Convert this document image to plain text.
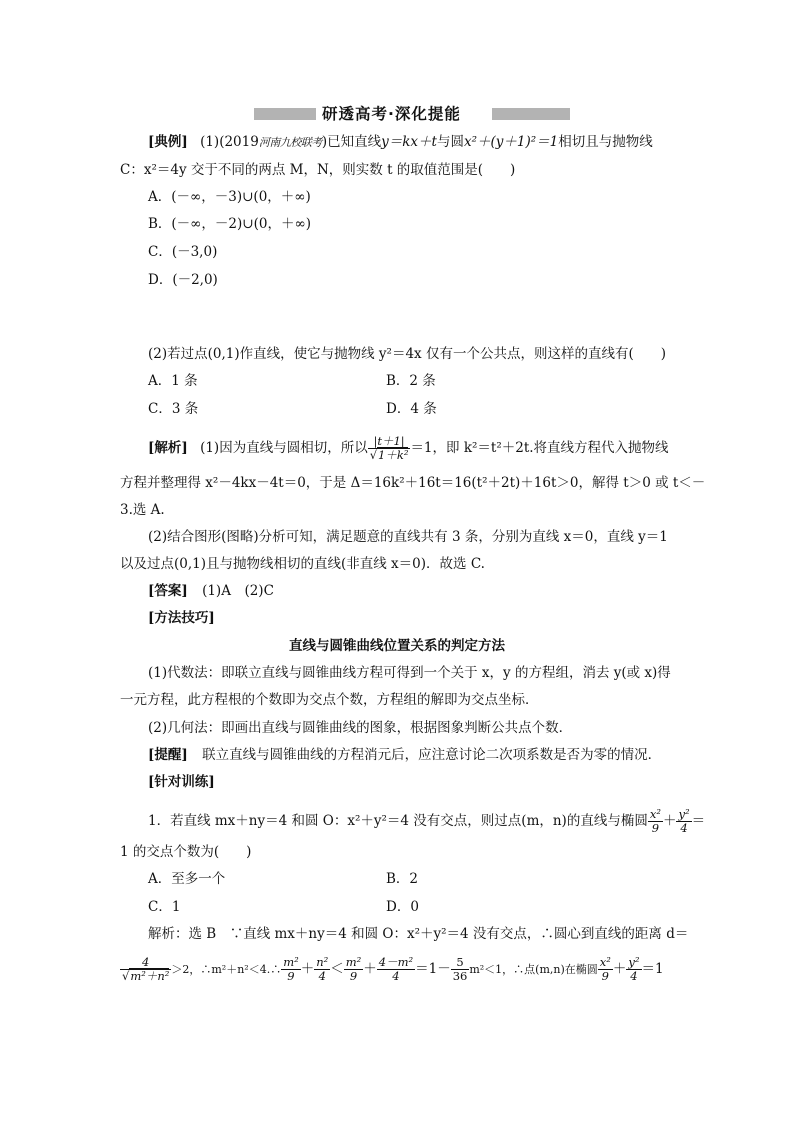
研透高考·深化提能
[典例] (1)(2019河南九校联考)已知直线y＝kx＋t与圆x²＋(y＋1)²＝1相切且与抛物线
C：x²＝4y 交于不同的两点 M，N，则实数 t 的取值范围是(　　)
A．(－∞，－3)∪(0，＋∞)
B．(－∞，－2)∪(0，＋∞)
C．(－3,0)
D．(－2,0)
(2)若过点(0,1)作直线，使它与抛物线 y²＝4x 仅有一个公共点，则这样的直线有(　　)
A．1 条	B．2 条
C．3 条	D．4 条
[解析] (1)因为直线与圆相切，所以 $\frac{|t+1|}{\text{√1＋k²}} =1$，即 k²＝t²＋2t.将直线方程代入抛物线
方程并整理得 x²－4kx－4t＝0，于是 Δ＝16k²＋16t＝16(t²＋2t)＋16t＞0，解得 t＞0 或 t＜－
3.选 A.
(2)结合图形(图略)分析可知，满足题意的直线共有 3 条，分别为直线 x＝0，直线 y＝1
以及过点(0,1)且与抛物线相切的直线(非直线 x＝0)．故选 C.
[答案] (1)A　(2)C
[方法技巧]
直线与圆锥曲线位置关系的判定方法
(1)代数法：即联立直线与圆锥曲线方程可得到一个关于 x，y 的方程组，消去 y(或 x)得
一元方程，此方程根的个数即为交点个数，方程组的解即为交点坐标．
(2)几何法：即画出直线与圆锥曲线的图象，根据图象判断公共点个数．
[提醒] 联立直线与圆锥曲线的方程消元后，应注意讨论二次项系数是否为零的情况．
[针对训练]
1．若直线 mx＋ny＝4 和圆 O：x²＋y²＝4 没有交点，则过点(m，n)的直线与椭圆 $\frac{\text{x²}}{9} + \frac{\text{y²}}{4}$ ＝
1 的交点个数为(　　)
A．至多一个	B．2
C．1	D．0
解析：选 B　∵直线 mx＋ny＝4 和圆 O：x²＋y²＝4 没有交点，∴圆心到直线的距离 d＝
$\frac{4}{\text{√m²＋n²}} >2$，∴m²＋n²＜4.∴ $\frac{\text{m²}}{9} + \frac{\text{n²}}{4} < \frac{\text{m²}}{9} + \frac{\text{4－m²}}{4} =1- \frac{5}{36} m^2<1$，∴点(m,n)在椭圆 $\frac{\text{x²}}{9} + \frac{\text{y²}}{4} =1$
